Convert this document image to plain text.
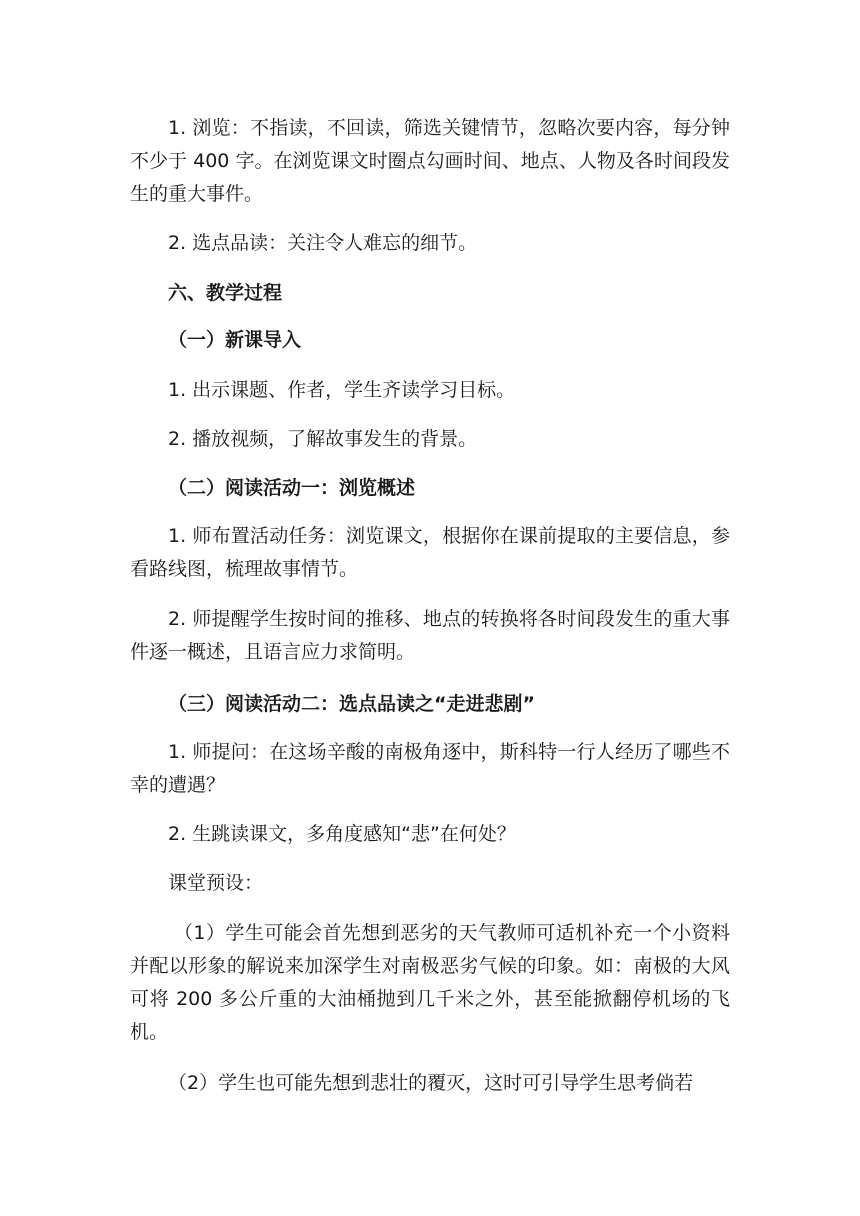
1. 浏览：不指读，不回读，筛选关键情节，忽略次要内容，每分钟不少于 400 字。在浏览课文时圈点勾画时间、地点、人物及各时间段发生的重大事件。

2. 选点品读：关注令人难忘的细节。

六、教学过程

（一）新课导入

1. 出示课题、作者，学生齐读学习目标。

2. 播放视频，了解故事发生的背景。

（二）阅读活动一：浏览概述

1. 师布置活动任务：浏览课文，根据你在课前提取的主要信息，参看路线图，梳理故事情节。

2. 师提醒学生按时间的推移、地点的转换将各时间段发生的重大事件逐一概述，且语言应力求简明。

（三）阅读活动二：选点品读之“走进悲剧”

1. 师提问：在这场辛酸的南极角逐中，斯科特一行人经历了哪些不幸的遭遇？

2. 生跳读课文，多角度感知“悲”在何处？

课堂预设：

（1）学生可能会首先想到恶劣的天气教师可适机补充一个小资料并配以形象的解说来加深学生对南极恶劣气候的印象。如：南极的大风可将 200 多公斤重的大油桶抛到几千米之外，甚至能掀翻停机场的飞机。

（2）学生也可能先想到悲壮的覆灭，这时可引导学生思考倘若
